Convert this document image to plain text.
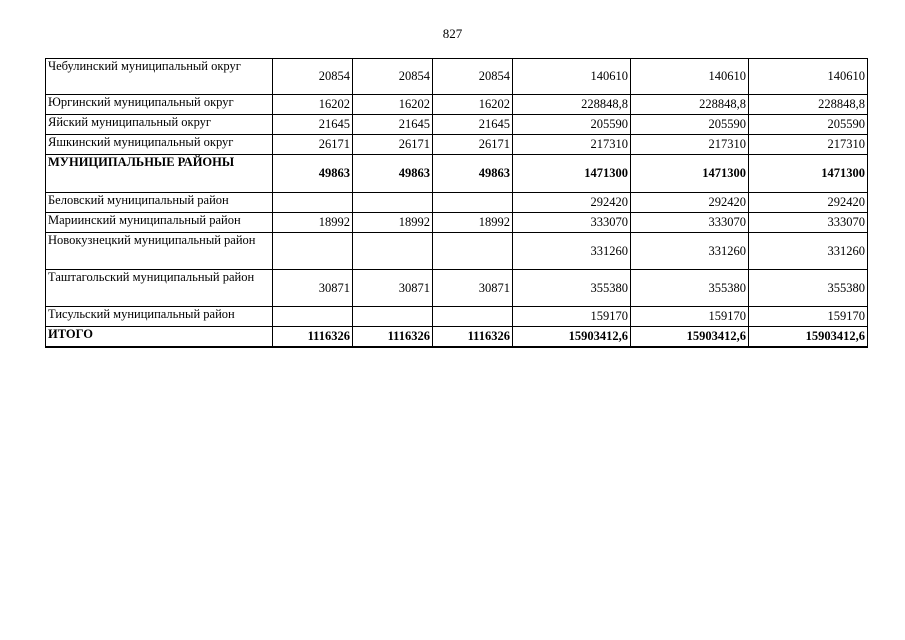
827
Чебулинский муниципальный округ	20854	20854	20854	140610	140610	140610
Юргинский муниципальный округ	16202	16202	16202	228848,8	228848,8	228848,8
Яйский муниципальный округ	21645	21645	21645	205590	205590	205590
Яшкинский муниципальный округ	26171	26171	26171	217310	217310	217310
МУНИЦИПАЛЬНЫЕ РАЙОНЫ	49863	49863	49863	1471300	1471300	1471300
Беловский муниципальный район				292420	292420	292420
Мариинский муниципальный район	18992	18992	18992	333070	333070	333070
Новокузнецкий муниципальный район				331260	331260	331260
Таштагольский муниципальный район	30871	30871	30871	355380	355380	355380
Тисульский муниципальный район				159170	159170	159170
ИТОГО	1116326	1116326	1116326	15903412,6	15903412,6	15903412,6
